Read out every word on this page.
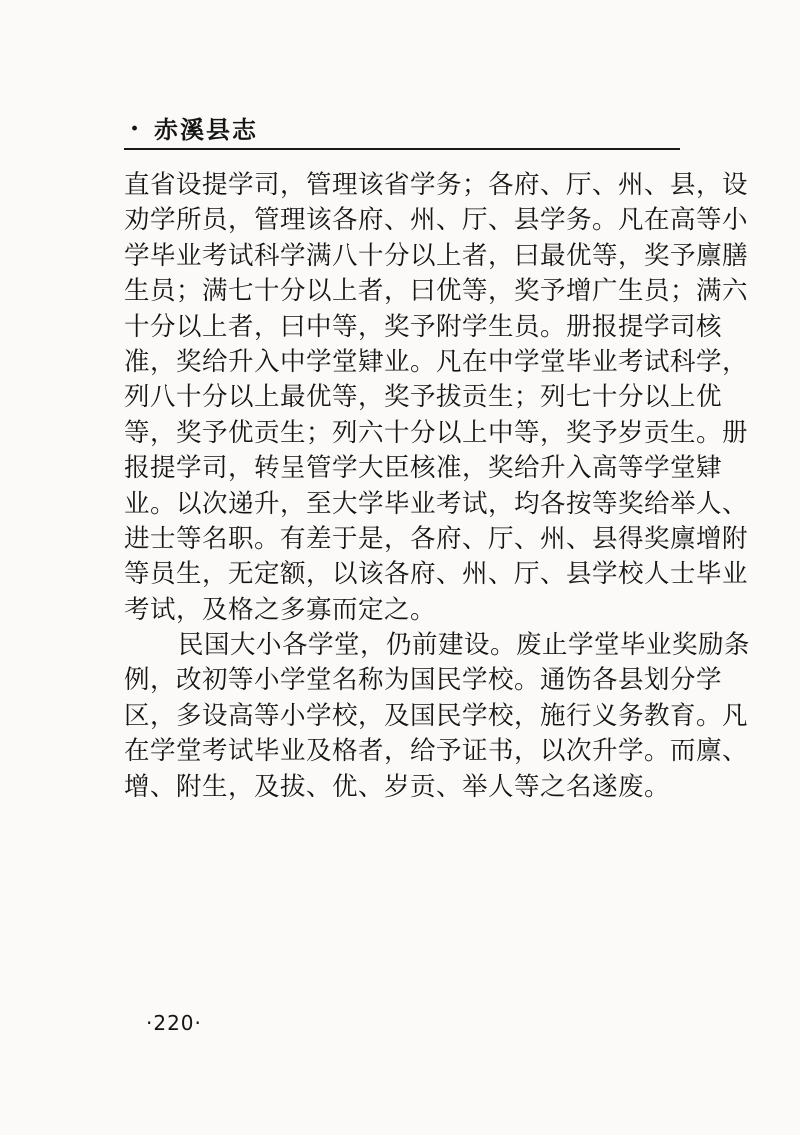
· 赤溪县志
直省设提学司，管理该省学务；各府、厅、州、县，设
劝学所员，管理该各府、州、厅、县学务。凡在高等小
学毕业考试科学满八十分以上者，曰最优等，奖予廪膳
生员；满七十分以上者，曰优等，奖予增广生员；满六
十分以上者，曰中等，奖予附学生员。册报提学司核
准，奖给升入中学堂肄业。凡在中学堂毕业考试科学，
列八十分以上最优等，奖予拔贡生；列七十分以上优
等，奖予优贡生；列六十分以上中等，奖予岁贡生。册
报提学司，转呈管学大臣核准，奖给升入高等学堂肄
业。以次递升，至大学毕业考试，均各按等奖给举人、
进士等名职。有差于是，各府、厅、州、县得奖廪增附
等员生，无定额，以该各府、州、厅、县学校人士毕业
考试，及格之多寡而定之。
民国大小各学堂，仍前建设。废止学堂毕业奖励条
例，改初等小学堂名称为国民学校。通饬各县划分学
区，多设高等小学校，及国民学校，施行义务教育。凡
在学堂考试毕业及格者，给予证书，以次升学。而廪、
增、附生，及拔、优、岁贡、举人等之名遂废。
·220·
